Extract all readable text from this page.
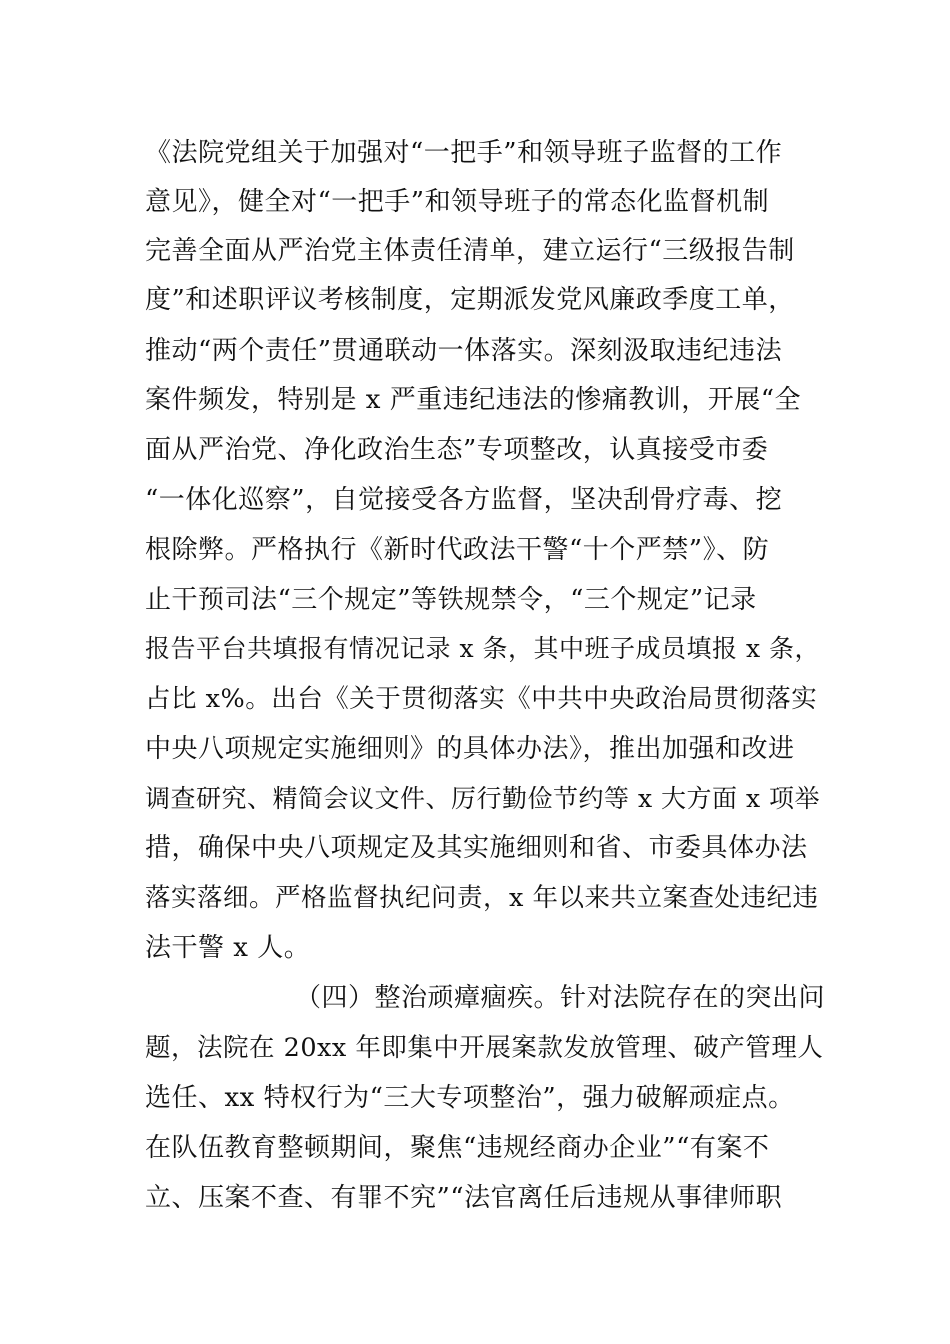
《法院党组关于加强对“一把手”和领导班子监督的工作
意见》，健全对“一把手”和领导班子的常态化监督机制
完善全面从严治党主体责任清单，建立运行“三级报告制
度”和述职评议考核制度，定期派发党风廉政季度工单，
推动“两个责任”贯通联动一体落实。深刻汲取违纪违法
案件频发，特别是 x 严重违纪违法的惨痛教训，开展“全
面从严治党、净化政治生态”专项整改，认真接受市委
“一体化巡察”，自觉接受各方监督，坚决刮骨疗毒、挖
根除弊。严格执行《新时代政法干警“十个严禁”》、防
止干预司法“三个规定”等铁规禁令，“三个规定”记录
报告平台共填报有情况记录 x 条，其中班子成员填报 x 条，
占比 x%。出台《关于贯彻落实《中共中央政治局贯彻落实
中央八项规定实施细则》的具体办法》，推出加强和改进
调查研究、精简会议文件、厉行勤俭节约等 x 大方面 x 项举
措，确保中央八项规定及其实施细则和省、市委具体办法
落实落细。严格监督执纪问责，x 年以来共立案查处违纪违
法干警 x 人。
（四）整治顽瘴痼疾。针对法院存在的突出问
题，法院在 20xx 年即集中开展案款发放管理、破产管理人
选任、xx 特权行为“三大专项整治”，强力破解顽症点。
在队伍教育整顿期间，聚焦“违规经商办企业”“有案不
立、压案不查、有罪不究”“法官离任后违规从事律师职
